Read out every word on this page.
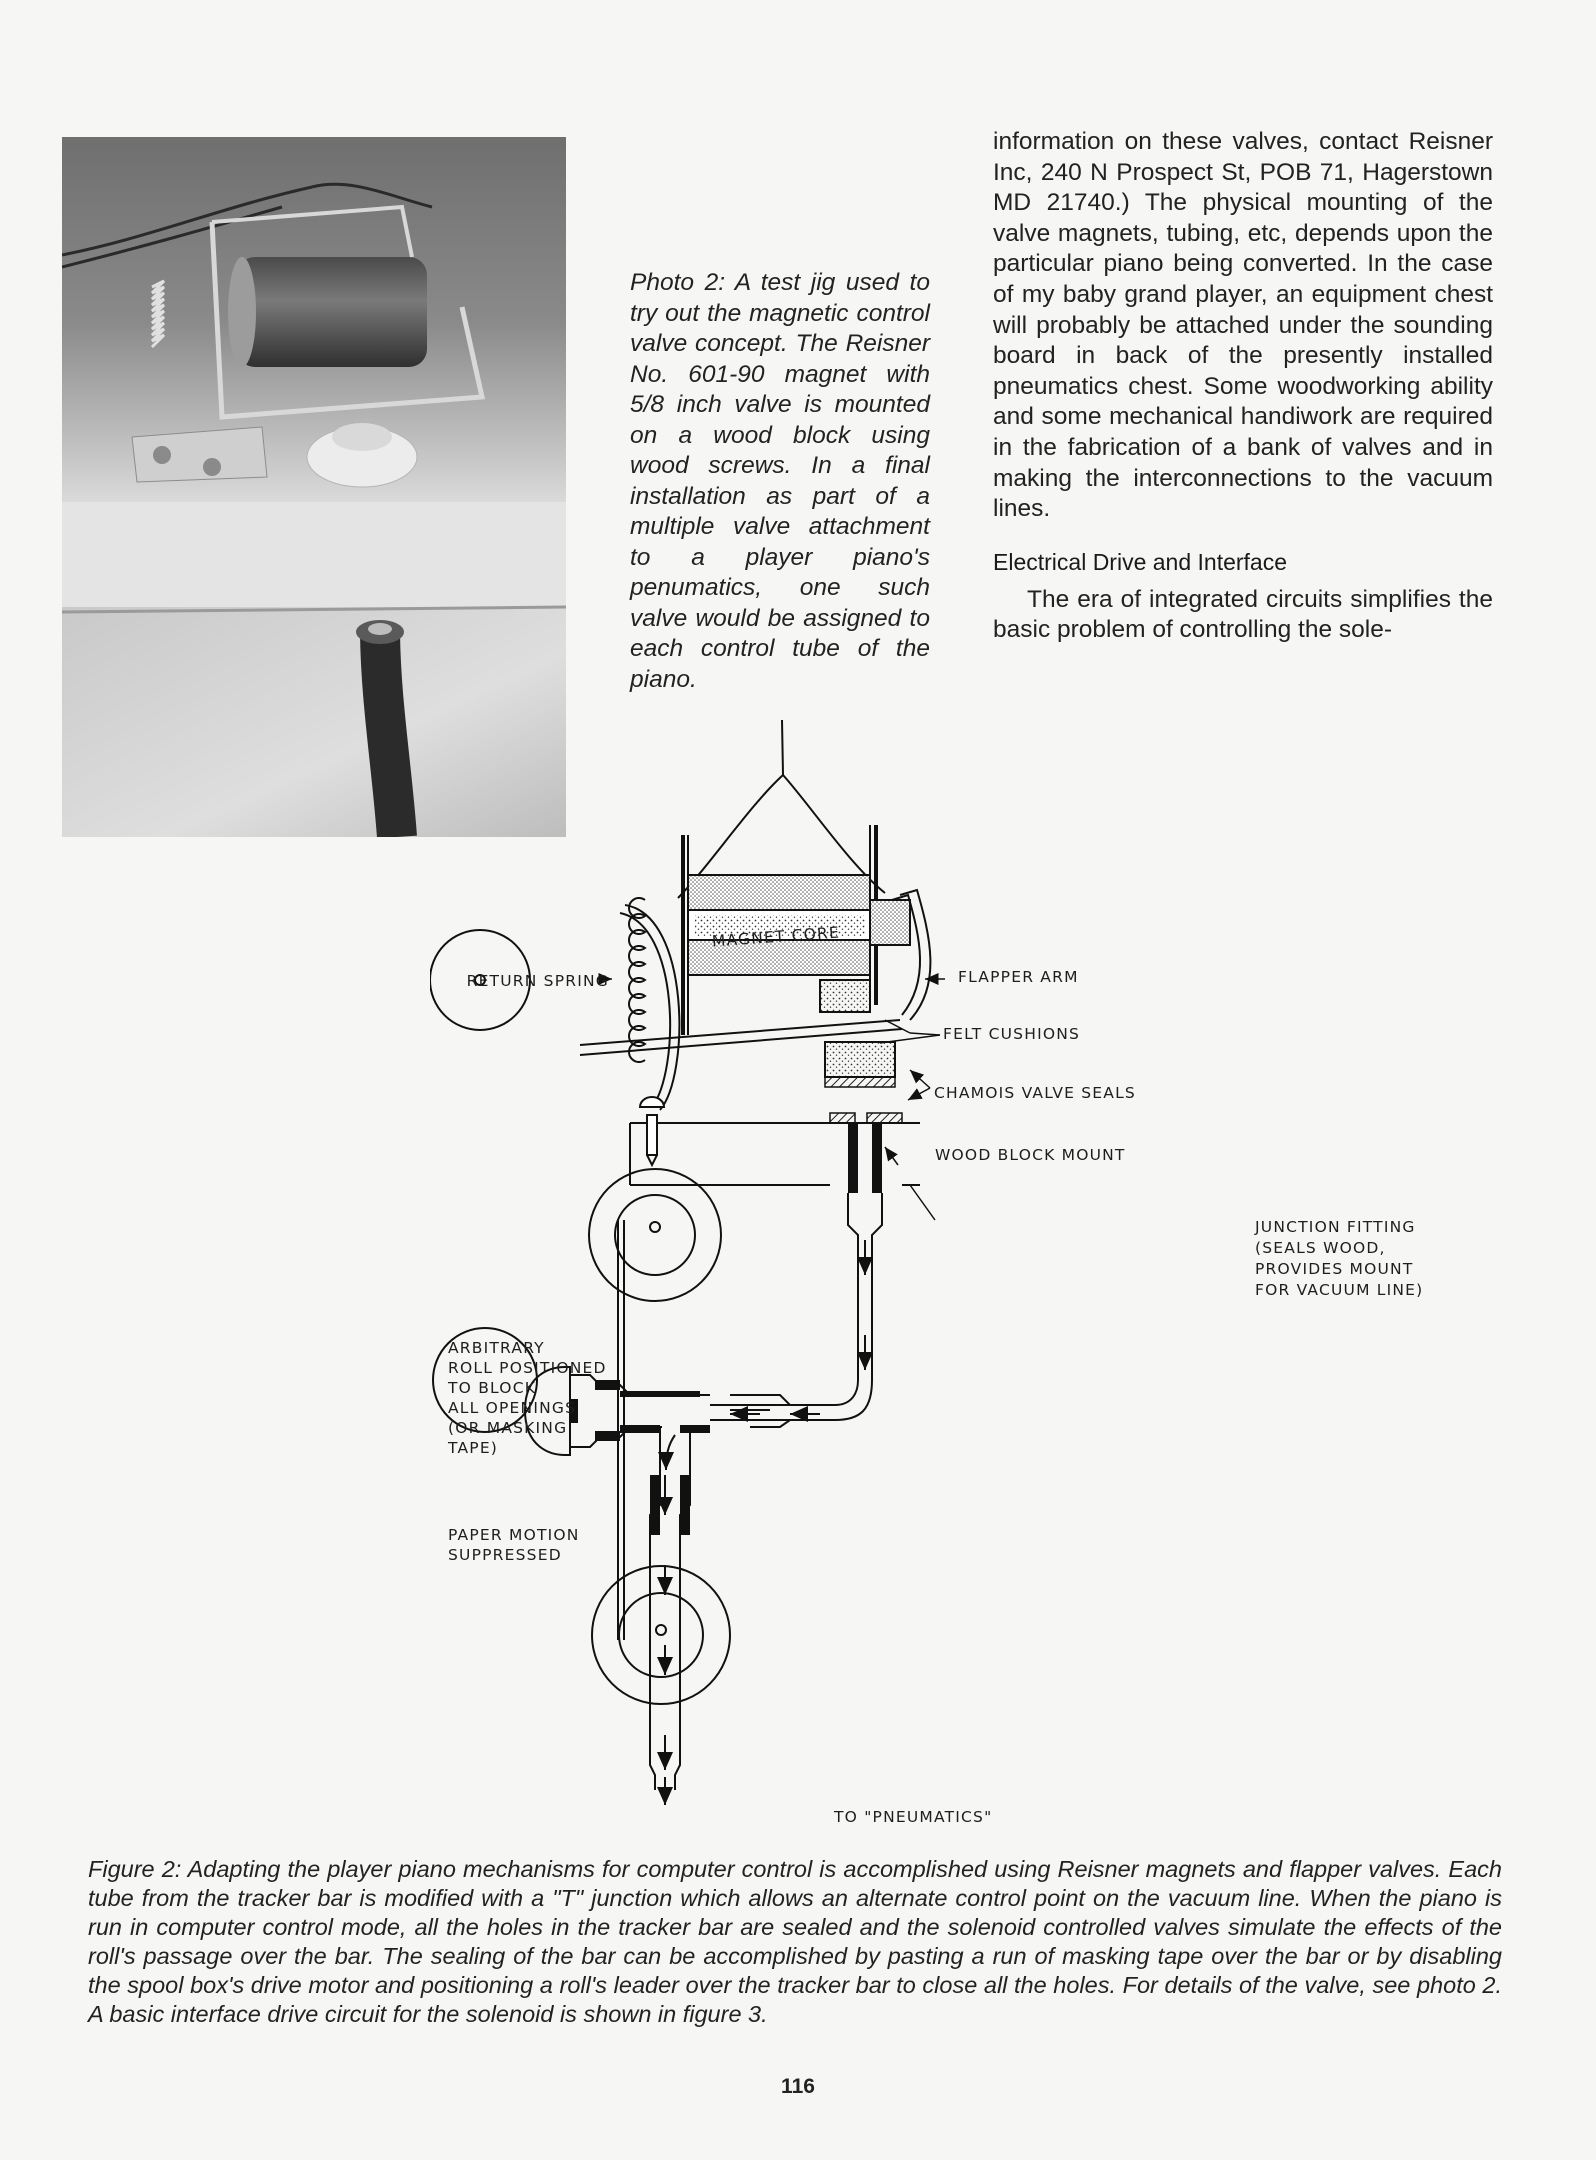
Photo 2: A test jig used to try out the magnetic control valve concept. The Reisner No. 601-90 magnet with 5/8 inch valve is mounted on a wood block using wood screws. In a final installation as part of a multiple valve attachment to a player piano's penumatics, one such valve would be assigned to each control tube of the piano.

information on these valves, contact Reisner Inc, 240 N Prospect St, POB 71, Hagerstown MD 21740.) The physical mounting of the valve magnets, tubing, etc, depends upon the particular piano being converted. In the case of my baby grand player, an equipment chest will probably be attached under the sounding board in back of the presently installed pneumatics chest. Some woodworking ability and some mechanical handiwork are required in the fabrication of a bank of valves and in making the interconnections to the vacuum lines.

Electrical Drive and Interface

The era of integrated circuits simplifies the basic problem of controlling the sole-

MAGNET CORE
RETURN SPRING	FLAPPER ARM
FELT CUSHIONS
CHAMOIS VALVE SEALS
WOOD BLOCK MOUNT
JUNCTION FITTING
(SEALS WOOD,
PROVIDES MOUNT
FOR VACUUM LINE)
ARBITRARY
ROLL POSITIONED
TO BLOCK
ALL OPENINGS
(OR MASKING
TAPE)
PAPER MOTION
SUPPRESSED
TO "PNEUMATICS"
Figure 2: Adapting the player piano mechanisms for computer control is accomplished using Reisner magnets and flapper valves. Each tube from the tracker bar is modified with a "T" junction which allows an alternate control point on the vacuum line. When the piano is run in computer control mode, all the holes in the tracker bar are sealed and the solenoid controlled valves simulate the effects of the roll's passage over the bar. The sealing of the bar can be accomplished by pasting a run of masking tape over the bar or by disabling the spool box's drive motor and positioning a roll's leader over the tracker bar to close all the holes. For details of the valve, see photo 2. A basic interface drive circuit for the solenoid is shown in figure 3.
116
